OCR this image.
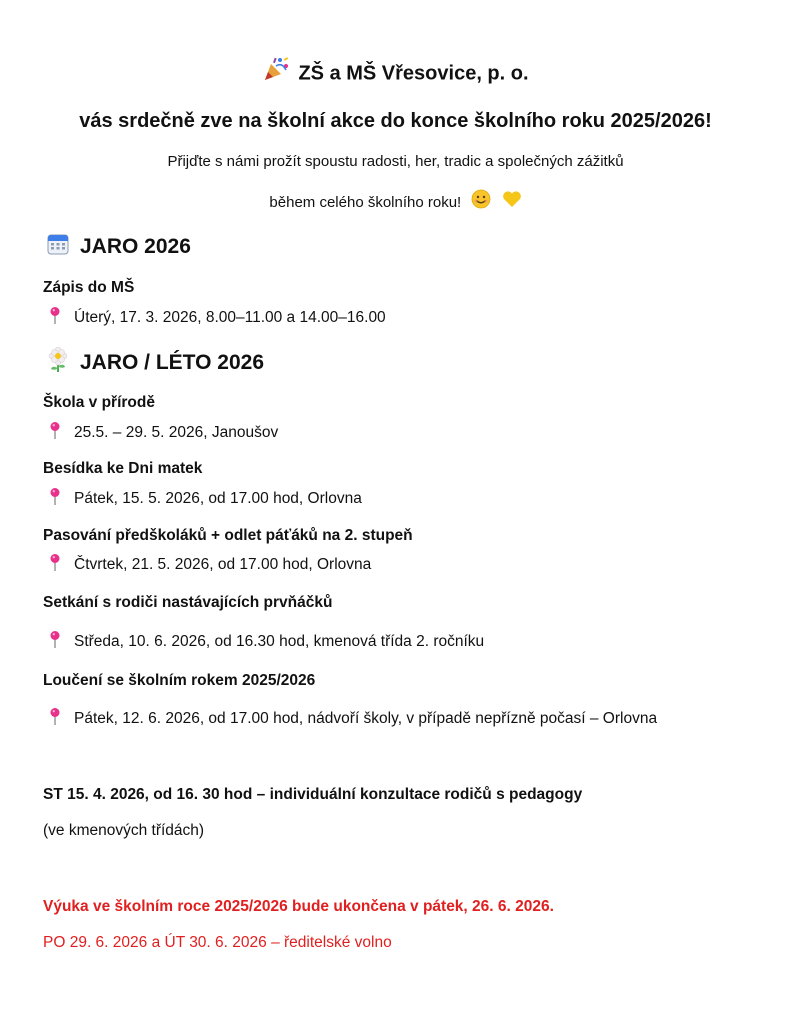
ZŠ a MŠ Vřesovice, p. o.
vás srdečně zve na školní akce do konce školního roku 2025/2026!
Přijďte s námi prožít spoustu radosti, her, tradic a společných zážitků
během celého školního roku!
JARO 2026
Zápis do MŠ
Úterý, 17. 3. 2026, 8.00–11.00 a 14.00–16.00
JARO / LÉTO 2026
Škola v přírodě
25.5. – 29. 5. 2026, Janoušov
Besídka ke Dni matek
Pátek, 15. 5. 2026, od 17.00 hod, Orlovna
Pasování předškoláků + odlet páťáků na 2. stupeň
Čtvrtek, 21. 5. 2026, od 17.00 hod, Orlovna
Setkání s rodiči nastávajících prvňáčků
Středa, 10. 6. 2026, od 16.30 hod, kmenová třída 2. ročníku
Loučení se školním rokem 2025/2026
Pátek, 12. 6. 2026, od 17.00 hod, nádvoří školy, v případě nepřízně počasí – Orlovna
ST 15. 4. 2026, od 16. 30 hod – individuální konzultace rodičů s pedagogy
(ve kmenových třídách)
Výuka ve školním roce 2025/2026 bude ukončena v pátek, 26. 6. 2026.
PO 29. 6. 2026 a ÚT 30. 6. 2026 – ředitelské volno
